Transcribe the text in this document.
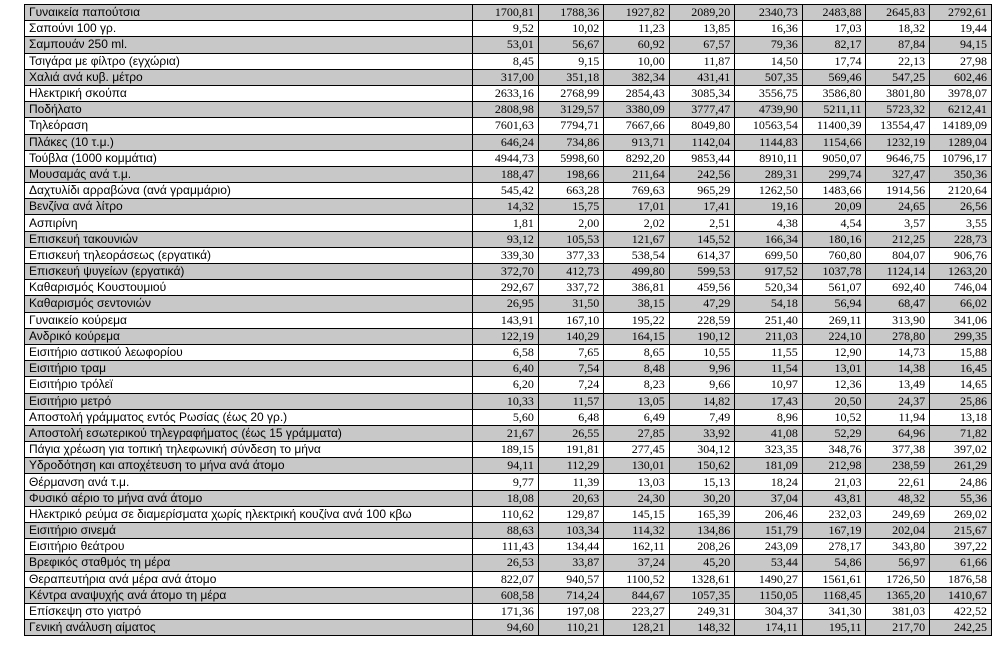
Γυναικεία παπούτσια	1700,81	1788,36	1927,82	2089,20	2340,73	2483,88	2645,83	2792,61
Σαπούνι 100 γρ.	9,52	10,02	11,23	13,85	16,36	17,03	18,32	19,44
Σαμπουάν 250 ml.	53,01	56,67	60,92	67,57	79,36	82,17	87,84	94,15
Τσιγάρα με φίλτρο (εγχώρια)	8,45	9,15	10,00	11,87	14,50	17,74	22,13	27,98
Χαλιά ανά κυβ. μέτρο	317,00	351,18	382,34	431,41	507,35	569,46	547,25	602,46
Ηλεκτρική σκούπα	2633,16	2768,99	2854,43	3085,34	3556,75	3586,80	3801,80	3978,07
Ποδήλατο	2808,98	3129,57	3380,09	3777,47	4739,90	5211,11	5723,32	6212,41
Τηλεόραση	7601,63	7794,71	7667,66	8049,80	10563,54	11400,39	13554,47	14189,09
Πλάκες (10 τ.μ.)	646,24	734,86	913,71	1142,04	1144,83	1154,66	1232,19	1289,04
Τούβλα (1000 κομμάτια)	4944,73	5998,60	8292,20	9853,44	8910,11	9050,07	9646,75	10796,17
Μουσαμάς ανά τ.μ.	188,47	198,66	211,64	242,56	289,31	299,74	327,47	350,36
Δαχτυλίδι αρραβώνα (ανά γραμμάριο)	545,42	663,28	769,63	965,29	1262,50	1483,66	1914,56	2120,64
Βενζίνα ανά λίτρο	14,32	15,75	17,01	17,41	19,16	20,09	24,65	26,56
Ασπιρίνη	1,81	2,00	2,02	2,51	4,38	4,54	3,57	3,55
Επισκευή τακουνιών	93,12	105,53	121,67	145,52	166,34	180,16	212,25	228,73
Επισκευή τηλεοράσεως (εργατικά)	339,30	377,33	538,54	614,37	699,50	760,80	804,07	906,76
Επισκευή ψυγείων (εργατικά)	372,70	412,73	499,80	599,53	917,52	1037,78	1124,14	1263,20
Καθαρισμός Κουστουμιού	292,67	337,72	386,81	459,56	520,34	561,07	692,40	746,04
Καθαρισμός σεντονιών	26,95	31,50	38,15	47,29	54,18	56,94	68,47	66,02
Γυναικείο κούρεμα	143,91	167,10	195,22	228,59	251,40	269,11	313,90	341,06
Ανδρικό κούρεμα	122,19	140,29	164,15	190,12	211,03	224,10	278,80	299,35
Εισιτήριο αστικού λεωφορίου	6,58	7,65	8,65	10,55	11,55	12,90	14,73	15,88
Εισιτήριο τραμ	6,40	7,54	8,48	9,96	11,54	13,01	14,38	16,45
Εισιτήριο τρόλεϊ	6,20	7,24	8,23	9,66	10,97	12,36	13,49	14,65
Εισιτήριο μετρό	10,33	11,57	13,05	14,82	17,43	20,50	24,37	25,86
Αποστολή γράμματος εντός Ρωσίας (έως 20 γρ.)	5,60	6,48	6,49	7,49	8,96	10,52	11,94	13,18
Αποστολή εσωτερικού τηλεγραφήματος (έως 15 γράμματα)	21,67	26,55	27,85	33,92	41,08	52,29	64,96	71,82
Πάγια χρέωση για τοπική τηλεφωνική σύνδεση το μήνα	189,15	191,81	277,45	304,12	323,35	348,76	377,38	397,02
Υδροδότηση και αποχέτευση το μήνα ανά άτομο	94,11	112,29	130,01	150,62	181,09	212,98	238,59	261,29
Θέρμανση ανά τ.μ.	9,77	11,39	13,03	15,13	18,24	21,03	22,61	24,86
Φυσικό αέριο το μήνα ανά άτομο	18,08	20,63	24,30	30,20	37,04	43,81	48,32	55,36
Ηλεκτρικό ρεύμα σε διαμερίσματα χωρίς ηλεκτρική κουζίνα ανά 100 κβω	110,62	129,87	145,15	165,39	206,46	232,03	249,69	269,02
Εισιτήριο σινεμά	88,63	103,34	114,32	134,86	151,79	167,19	202,04	215,67
Εισιτήριο θεάτρου	111,43	134,44	162,11	208,26	243,09	278,17	343,80	397,22
Βρεφικός σταθμός τη μέρα	26,53	33,87	37,24	45,20	53,44	54,86	56,97	61,66
Θεραπευτήρια ανά μέρα ανά άτομο	822,07	940,57	1100,52	1328,61	1490,27	1561,61	1726,50	1876,58
Κέντρα αναψυχής ανά άτομο τη μέρα	608,58	714,24	844,67	1057,35	1150,05	1168,45	1365,20	1410,67
Επίσκεψη στο γιατρό	171,36	197,08	223,27	249,31	304,37	341,30	381,03	422,52
Γενική ανάλυση αίματος	94,60	110,21	128,21	148,32	174,11	195,11	217,70	242,25
